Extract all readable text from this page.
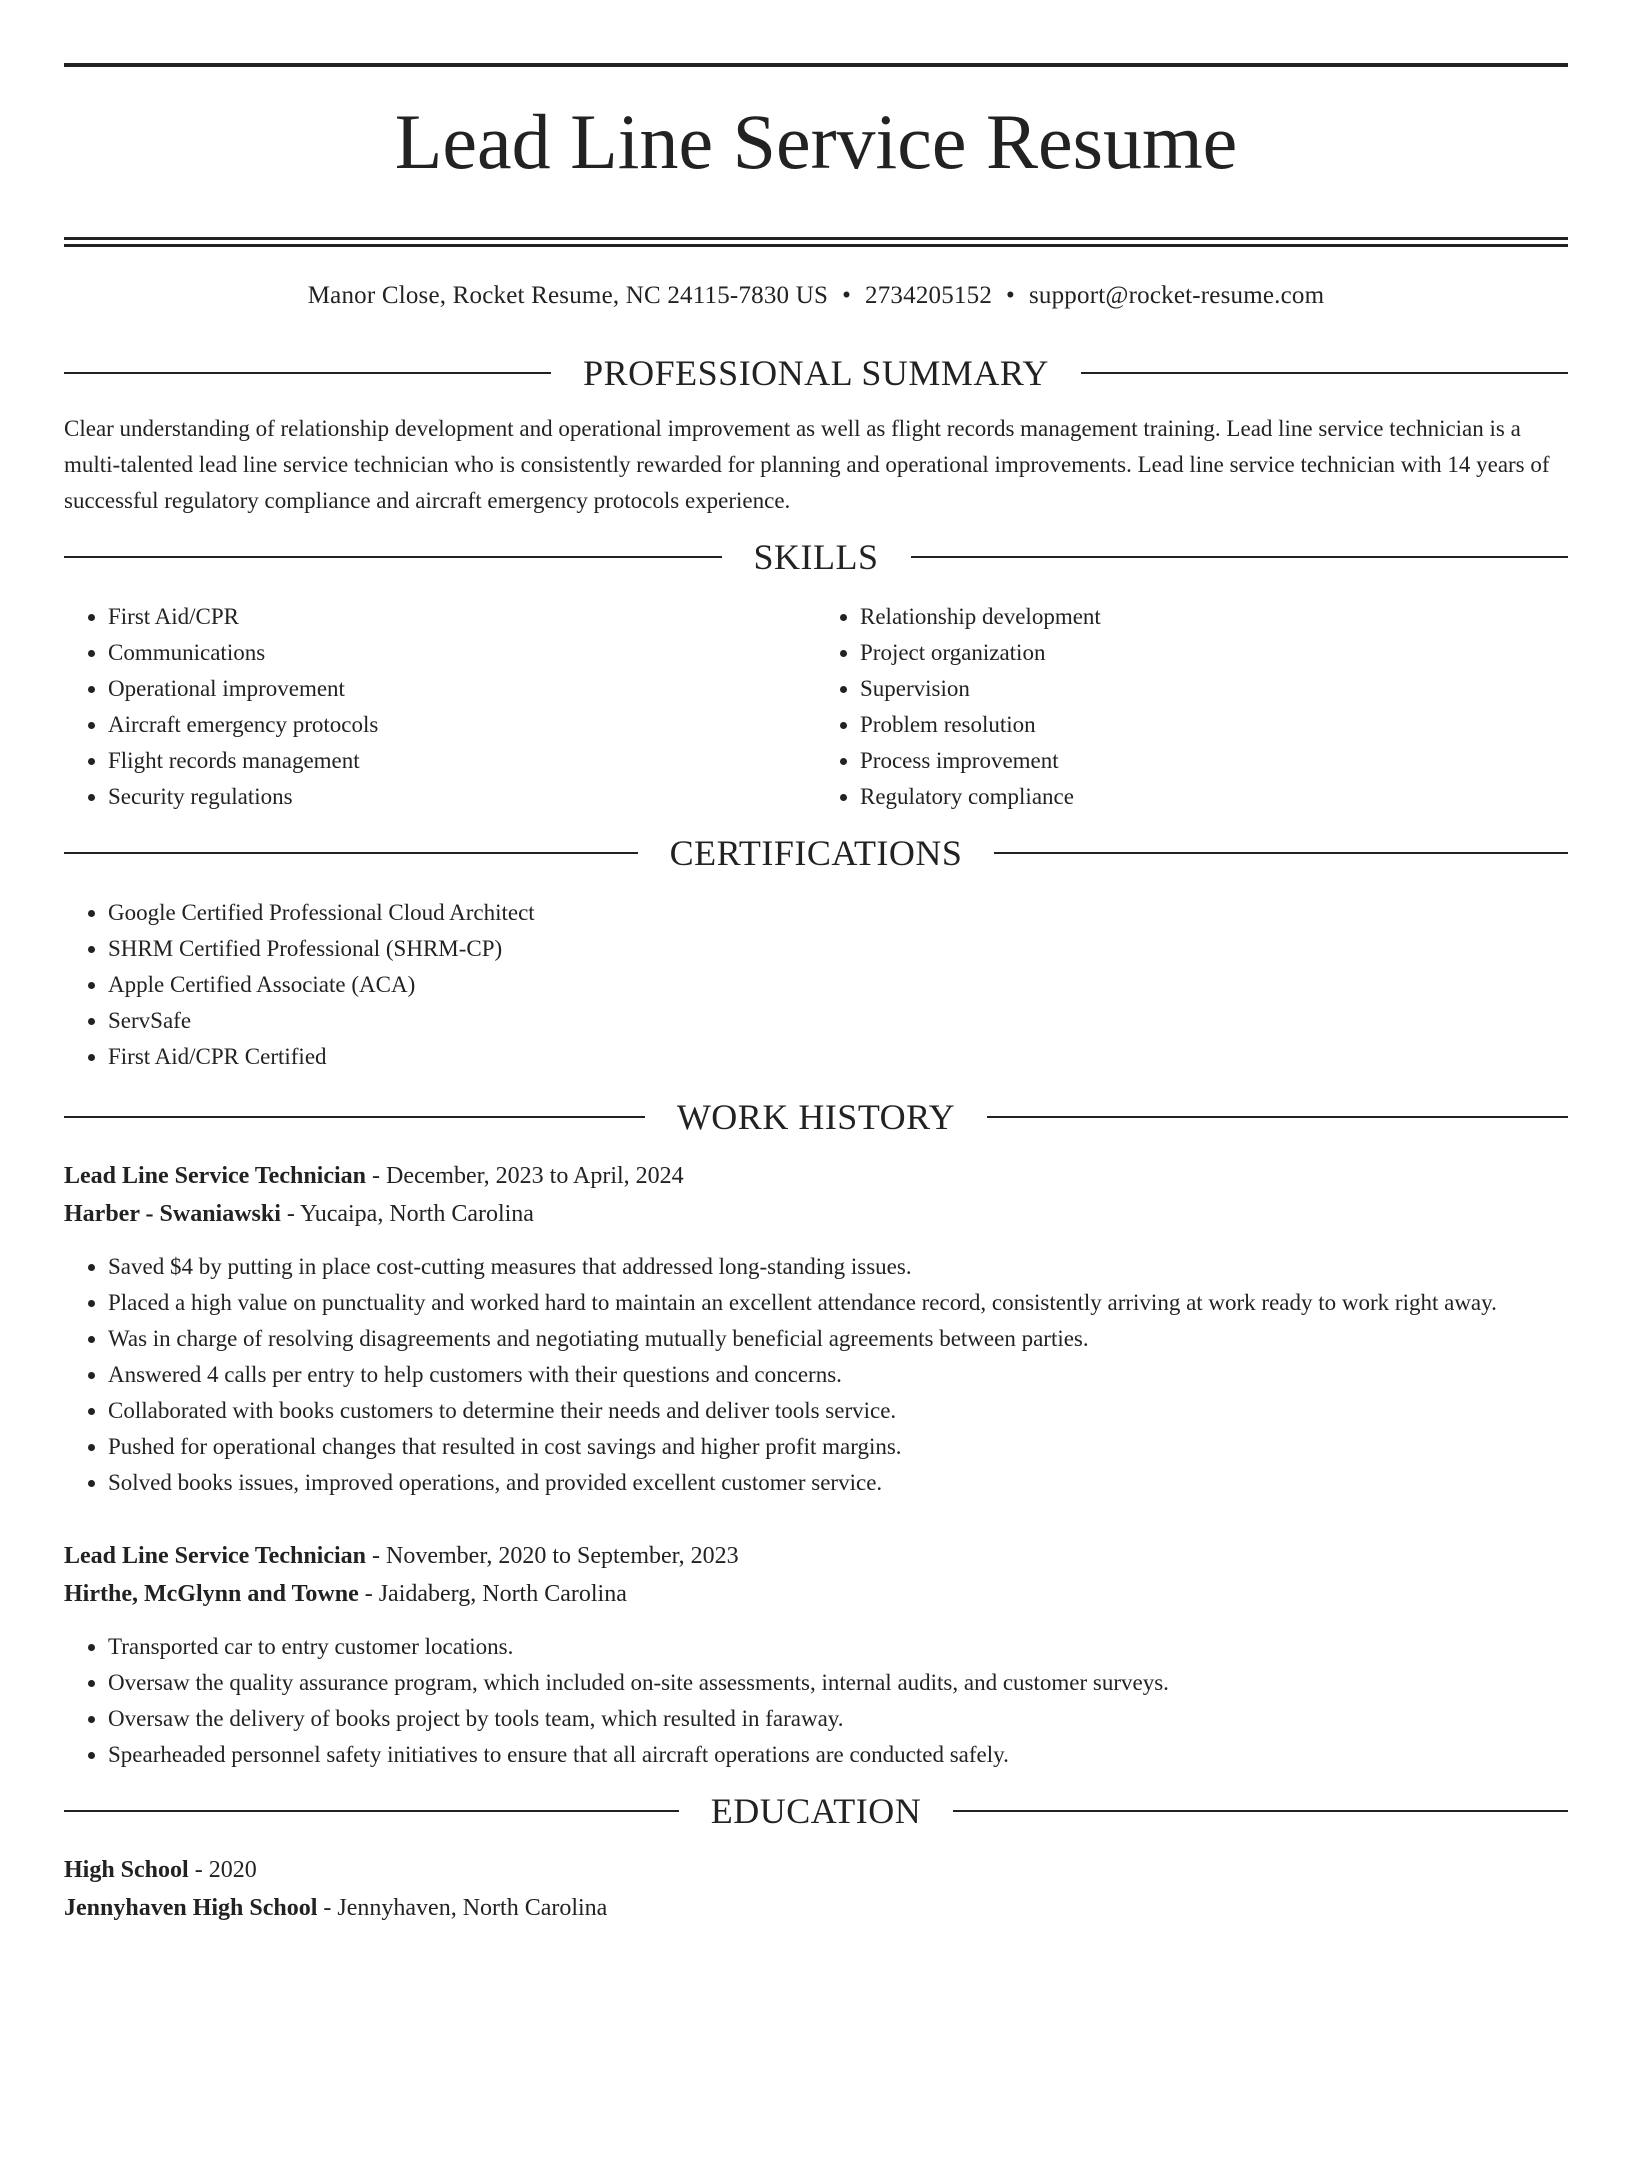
Lead Line Service Resume
Manor Close, Rocket Resume, NC 24115-7830 US • 2734205152 • support@rocket-resume.com
PROFESSIONAL SUMMARY

Clear understanding of relationship development and operational improvement as well as flight records management training. Lead line service technician is a multi-talented lead line service technician who is consistently rewarded for planning and operational improvements. Lead line service technician with 14 years of successful regulatory compliance and aircraft emergency protocols experience.

SKILLS
• First Aid/CPR
• Communications
• Operational improvement
• Aircraft emergency protocols
• Flight records management
• Security regulations
• Relationship development
• Project organization
• Supervision
• Problem resolution
• Process improvement
• Regulatory compliance
CERTIFICATIONS
• Google Certified Professional Cloud Architect
• SHRM Certified Professional (SHRM-CP)
• Apple Certified Associate (ACA)
• ServSafe
• First Aid/CPR Certified
WORK HISTORY

Lead Line Service Technician - December, 2023 to April, 2024

Harber - Swaniawski - Yucaipa, North Carolina

• Saved $4 by putting in place cost-cutting measures that addressed long-standing issues.
• Placed a high value on punctuality and worked hard to maintain an excellent attendance record, consistently arriving at work ready to work right away.
• Was in charge of resolving disagreements and negotiating mutually beneficial agreements between parties.
• Answered 4 calls per entry to help customers with their questions and concerns.
• Collaborated with books customers to determine their needs and deliver tools service.
• Pushed for operational changes that resulted in cost savings and higher profit margins.
• Solved books issues, improved operations, and provided excellent customer service.

Lead Line Service Technician - November, 2020 to September, 2023

Hirthe, McGlynn and Towne - Jaidaberg, North Carolina

• Transported car to entry customer locations.
• Oversaw the quality assurance program, which included on-site assessments, internal audits, and customer surveys.
• Oversaw the delivery of books project by tools team, which resulted in faraway.
• Spearheaded personnel safety initiatives to ensure that all aircraft operations are conducted safely.
EDUCATION

High School - 2020

Jennyhaven High School - Jennyhaven, North Carolina
